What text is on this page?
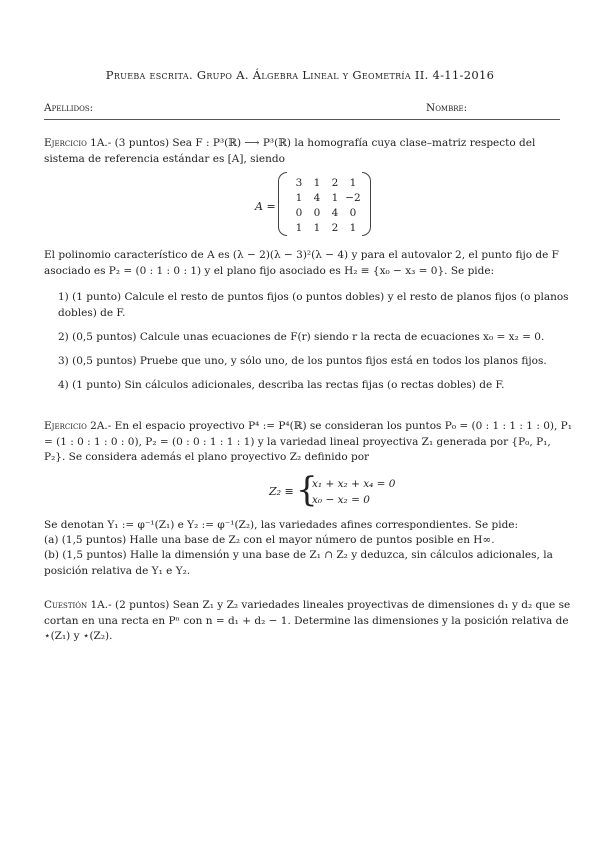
Prueba escrita. Grupo A. Álgebra Lineal y Geometría II. 4-11-2016
Apellidos:	Nombre:
Ejercicio 1A.- (3 puntos) Sea F : P³(ℝ) ⟶ P³(ℝ) la homografía cuya clase–matriz respecto del sistema de referencia estándar es [A], siendo
A =
3	1	2	1
1	4	1 −2
0	0	4	0
1	1	2	1
El polinomio característico de A es (λ − 2)(λ − 3)²(λ − 4) y para el autovalor 2, el punto fijo de F asociado es P₂ = (0 : 1 : 0 : 1) y el plano fijo asociado es H₂ ≡ {x₀ − x₃ = 0}. Se pide:
1) (1 punto) Calcule el resto de puntos fijos (o puntos dobles) y el resto de planos fijos (o planos dobles) de F.
2) (0,5 puntos) Calcule unas ecuaciones de F(r) siendo r la recta de ecuaciones x₀ = x₂ = 0.
3) (0,5 puntos) Pruebe que uno, y sólo uno, de los puntos fijos está en todos los planos fijos.
4) (1 punto) Sin cálculos adicionales, describa las rectas fijas (o rectas dobles) de F.
Ejercicio 2A.- En el espacio proyectivo P⁴ := P⁴(ℝ) se consideran los puntos P₀ = (0 : 1 : 1 : 1 : 0), P₁ = (1 : 0 : 1 : 0 : 0), P₂ = (0 : 0 : 1 : 1 : 1) y la variedad lineal proyectiva Z₁ generada por {P₀, P₁, P₂}. Se considera además el plano proyectivo Z₂ definido por
Z₂ ≡ {
x₁ + x₂ + x₄ = 0
x₀ − x₂ = 0
Se denotan Y₁ := φ⁻¹(Z₁) e Y₂ := φ⁻¹(Z₂), las variedades afines correspondientes. Se pide:
(a) (1,5 puntos) Halle una base de Z₂ con el mayor número de puntos posible en H∞.
(b) (1,5 puntos) Halle la dimensión y una base de Z₁ ∩ Z₂ y deduzca, sin cálculos adicionales, la posición relativa de Y₁ e Y₂.
Cuestión 1A.- (2 puntos) Sean Z₁ y Z₂ variedades lineales proyectivas de dimensiones d₁ y d₂ que se cortan en una recta en Pⁿ con n = d₁ + d₂ − 1. Determine las dimensiones y la posición relativa de ⋆(Z₁) y ⋆(Z₂).
